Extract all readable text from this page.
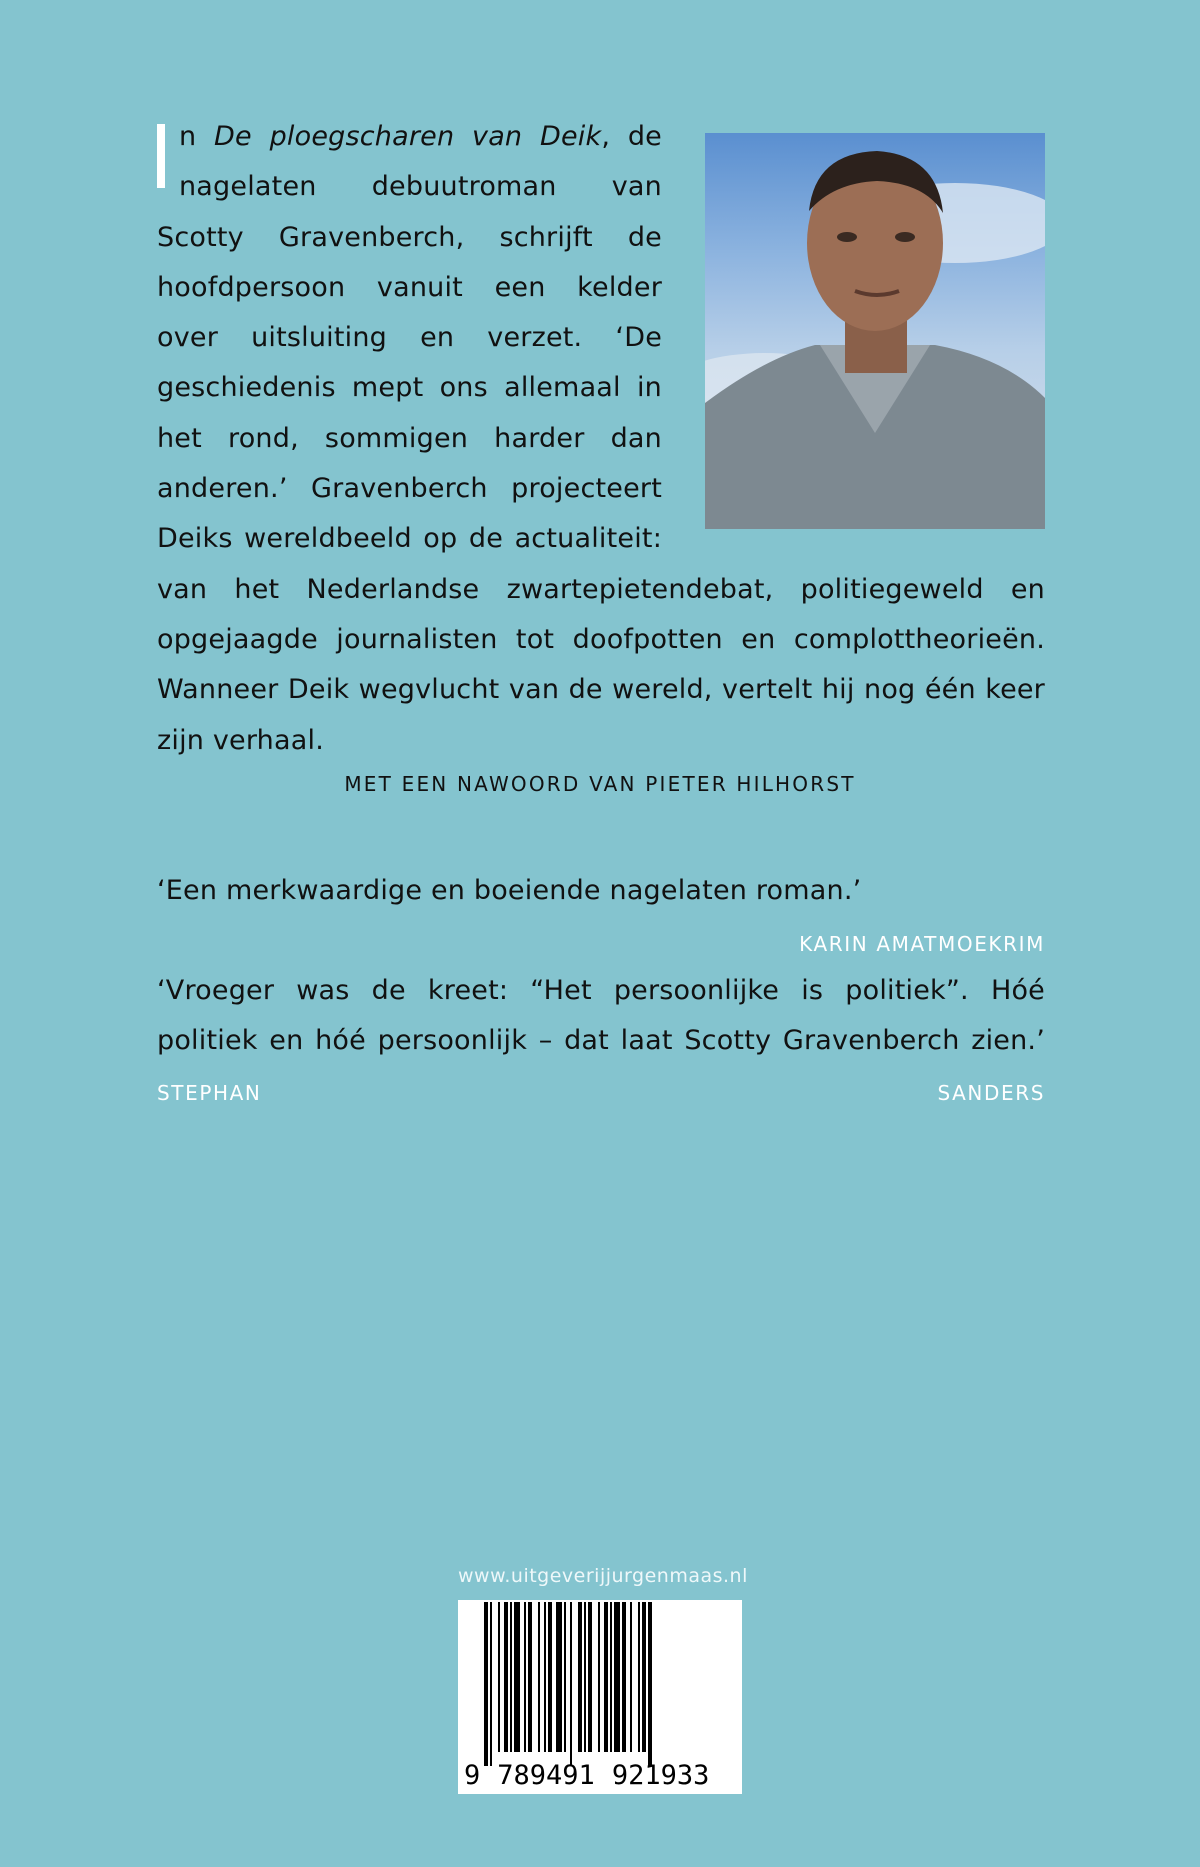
n De ploegscharen van Deik, de nagelaten debuutroman van Scotty Gravenberch, schrijft de hoofdpersoon vanuit een kelder over uitsluiting en verzet. ‘De geschiedenis mept ons allemaal in het rond, sommigen harder dan anderen.’ Gravenberch projecteert Deiks wereldbeeld op de actualiteit: van het Nederlandse zwartepietendebat, politiegeweld en opgejaagde journalisten tot doofpotten en complottheorieën. Wanneer Deik wegvlucht van de wereld, vertelt hij nog één keer zijn verhaal.
MET EEN NAWOORD VAN PIETER HILHORST
‘Een merkwaardige en boeiende nagelaten roman.’
KARIN AMATMOEKRIM
‘Vroeger was de kreet: “Het persoonlijke is politiek”. Hóé politiek en hóé persoonlijk – dat laat Scotty Gravenberch zien.’ STEPHAN SANDERS
www.uitgeverijjurgenmaas.nl
9 789491 921933
